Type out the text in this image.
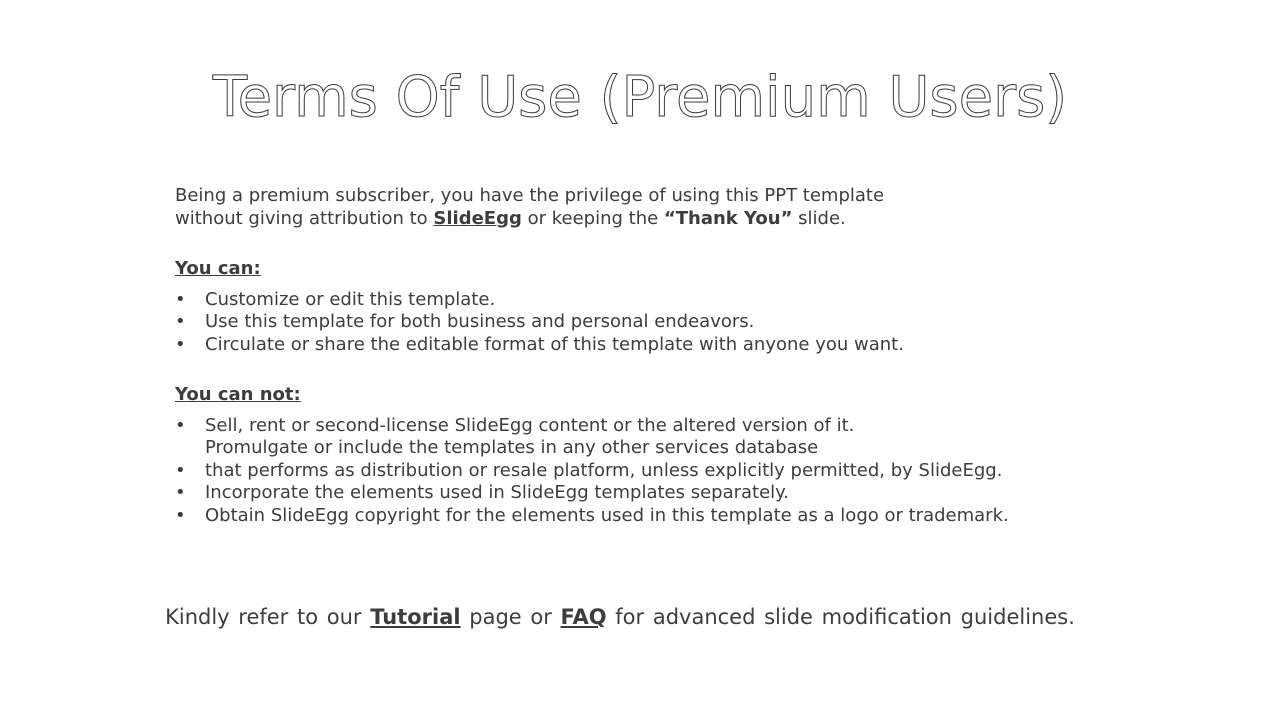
Terms Of Use (Premium Users)

Being a premium subscriber, you have the privilege of using this PPT template
without giving attribution to SlideEgg or keeping the “Thank You” slide.

You can:

• Customize or edit this template.
• Use this template for both business and personal endeavors.
• Circulate or share the editable format of this template with anyone you want.

You can not:

• Sell, rent or second-license SlideEgg content or the altered version of it.
Promulgate or include the templates in any other services database
• that performs as distribution or resale platform, unless explicitly permitted, by SlideEgg.
• Incorporate the elements used in SlideEgg templates separately.
• Obtain SlideEgg copyright for the elements used in this template as a logo or trademark.
Kindly refer to our Tutorial page or FAQ for advanced slide modification guidelines.
